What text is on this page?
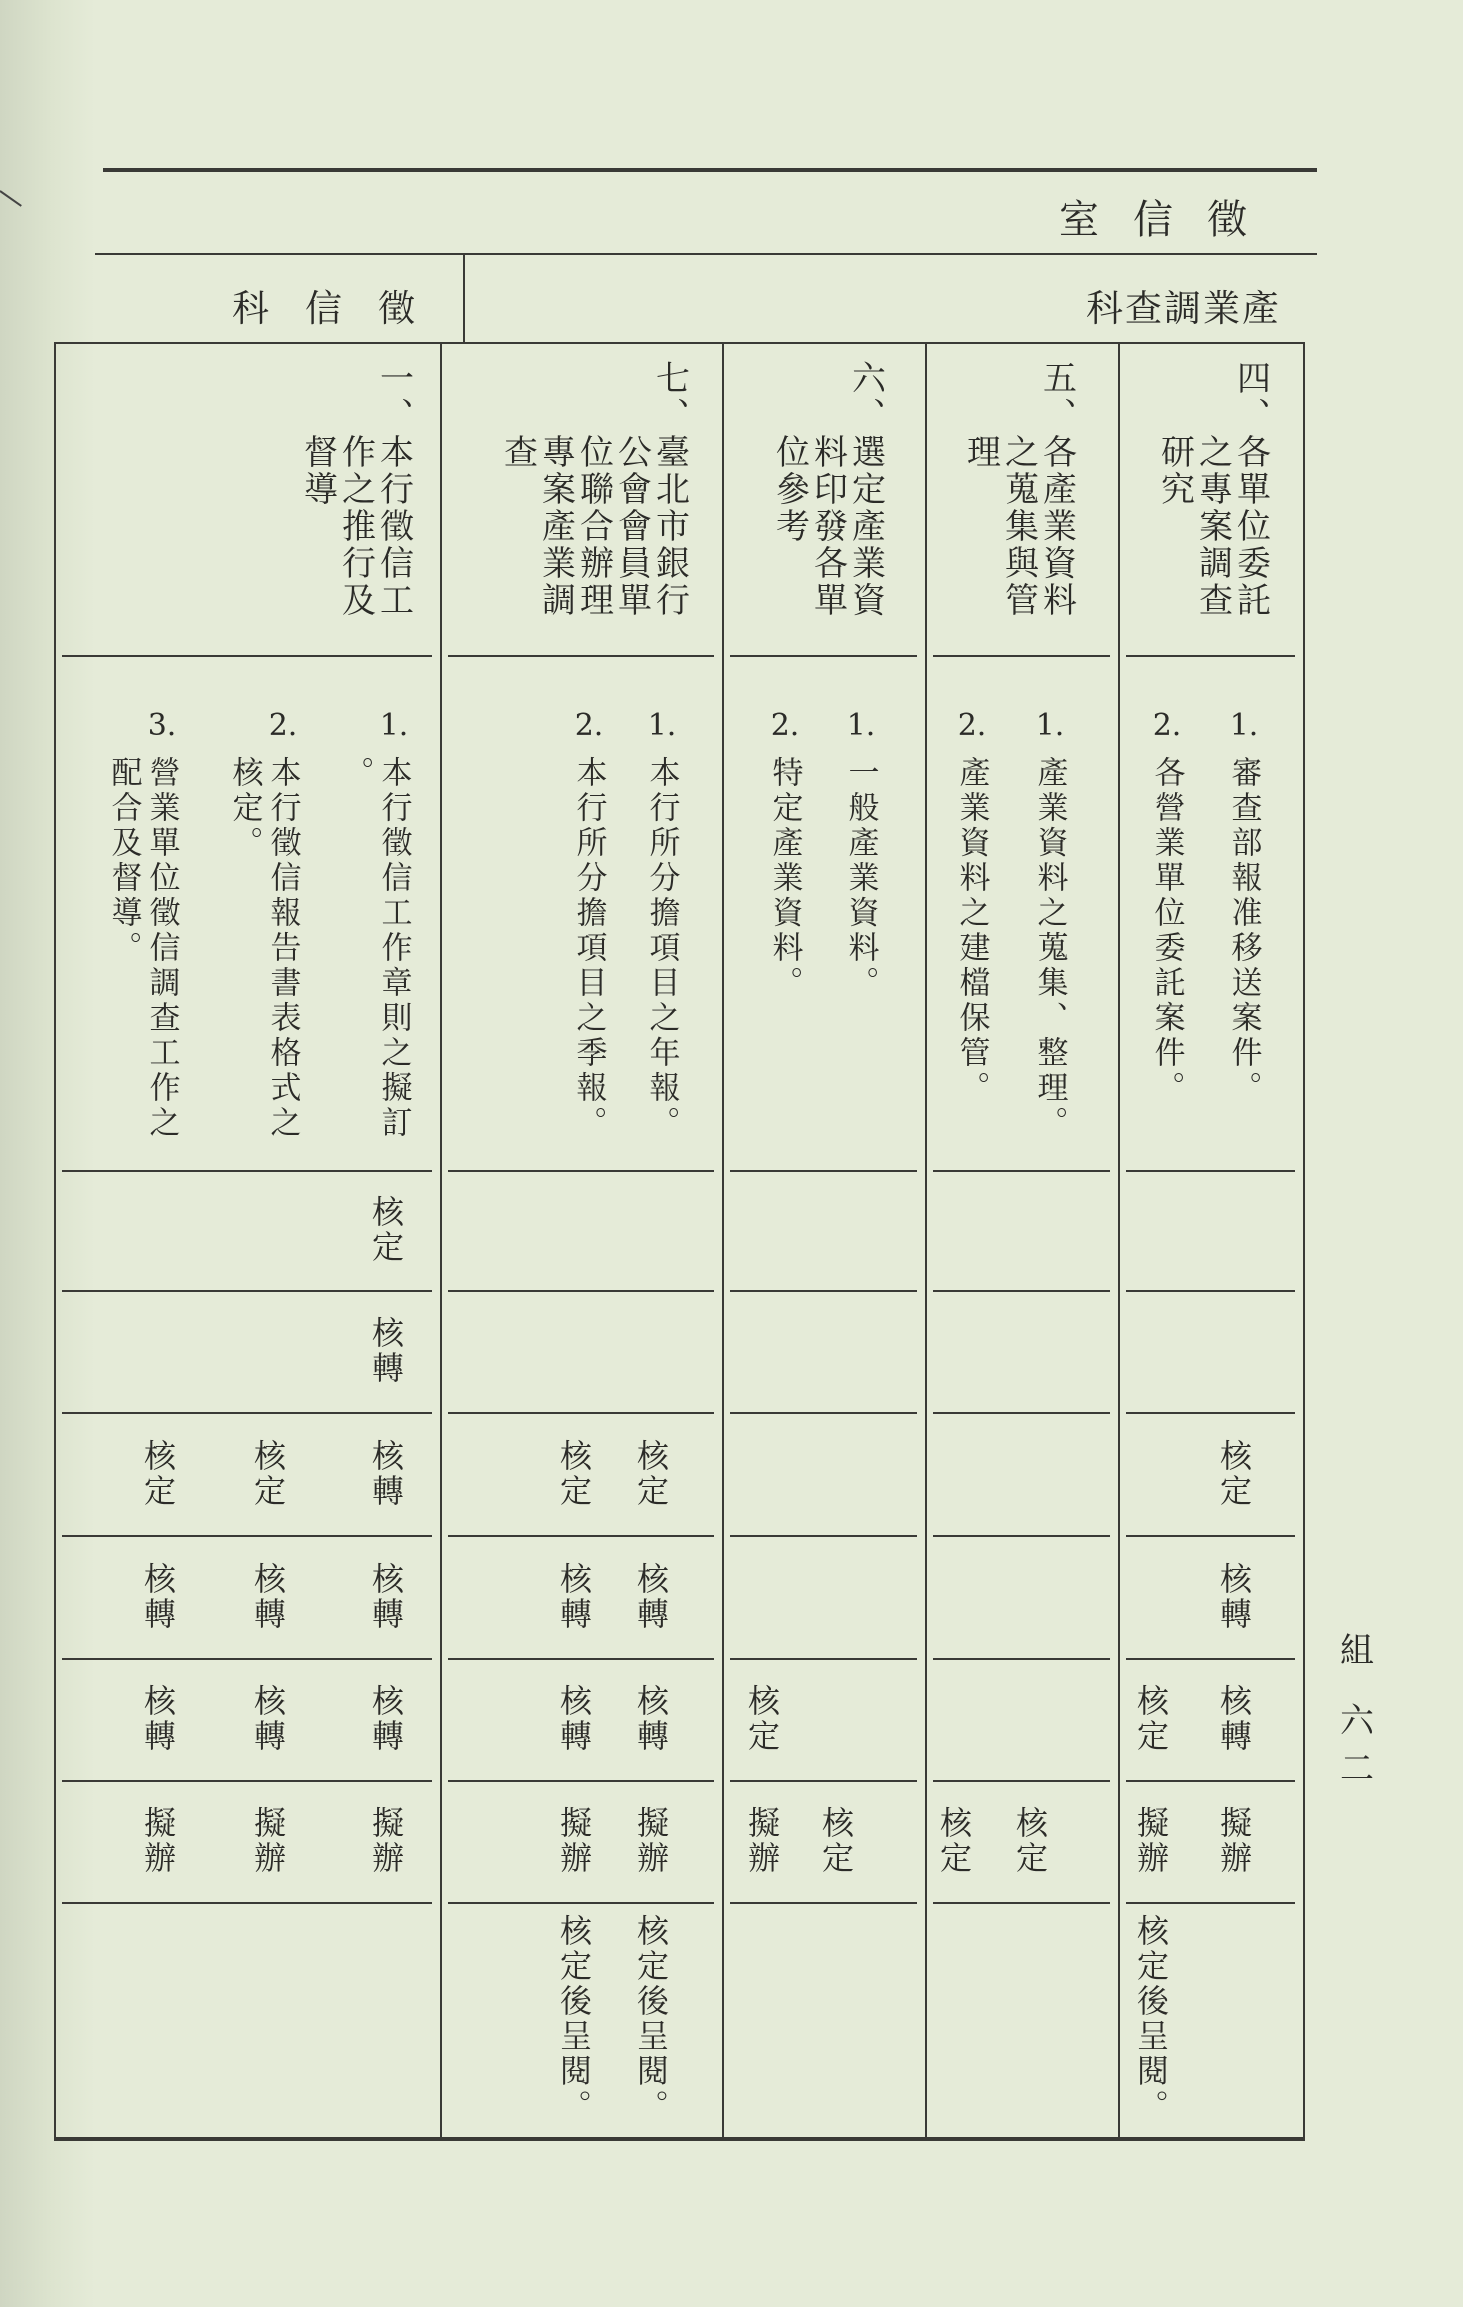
徵信室
產業調查科
徵信科
四、
各單位委託
之專案調查
研究
1.
審查部報准移送案件。
2.
各營業單位委託案件。
核定
核轉
核轉
核定
擬辦
擬辦
核定後呈閱。
五、
各產業資料
之蒐集與管
理
1.
產業資料之蒐集、整理。
2.
產業資料之建檔保管。
核定
核定
六、
選定產業資
料印發各單
位參考
1.
一般產業資料。
2.
特定產業資料。
核定
核定
擬辦
七、
臺北市銀行
公會會員單
位聯合辦理
專案產業調
查
1.
本行所分擔項目之年報。
2.
本行所分擔項目之季報。
核定
核定
核轉
核轉
核轉
核轉
擬辦
擬辦
核定後呈閱。
核定後呈閱。
一、
本行徵信工
作之推行及
督導
1.
本行徵信工作章則之擬訂
。
2.
本行徵信報告書表格式之
核定。
3.
營業單位徵信調查工作之
配合及督導。
核定
核轉
核轉
核定
核定
核轉
核轉
核轉
核轉
核轉
核轉
擬辦
擬辦
擬辦
組
六二
